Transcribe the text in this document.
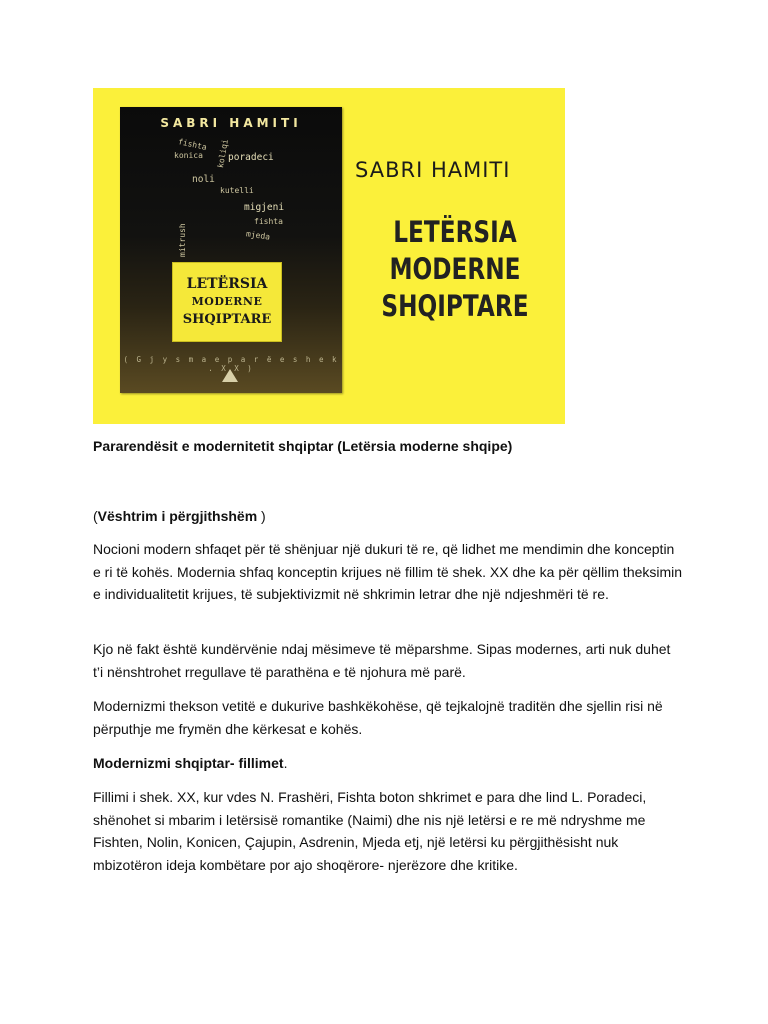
SABRI HAMITI
fishta
konica	poradeci
koliqi
noli
kutelli
migjeni
fishta
mjeda
mitrush
LETËRSIA
MODERNE
SHQIPTARE
( G j y s m a e p a r ë e s h e k . X X )
SABRI HAMITI
LETËRSIA
MODERNE
SHQIPTARE

Pararendësit e modernitetit shqiptar (Letërsia moderne shqipe)

(Vështrim i përgjithshëm )

Nocioni modern shfaqet për të shënjuar një dukuri të re, që lidhet me mendimin dhe konceptin e ri të kohës. Modernia shfaq konceptin krijues në fillim të shek. XX dhe ka për qëllim theksimin e individualitetit krijues, të subjektivizmit në shkrimin letrar dhe një ndjeshmëri të re.

Kjo në fakt është kundërvënie ndaj mësimeve të mëparshme. Sipas modernes, arti nuk duhet t’i nënshtrohet rregullave të parathëna e të njohura më parë.

Modernizmi thekson vetitë e dukurive bashkëkohëse, që tejkalojnë traditën dhe sjellin risi në përputhje me frymën dhe kërkesat e kohës.

Modernizmi shqiptar- fillimet.

Fillimi i shek. XX, kur vdes N. Frashëri, Fishta boton shkrimet e para dhe lind L. Poradeci, shënohet si mbarim i letërsisë romantike (Naimi) dhe nis një letërsi e re më ndryshme me Fishten, Nolin, Konicen, Çajupin, Asdrenin, Mjeda etj, një letërsi ku përgjithësisht nuk mbizotëron ideja kombëtare por ajo shoqërore- njerëzore dhe kritike.
